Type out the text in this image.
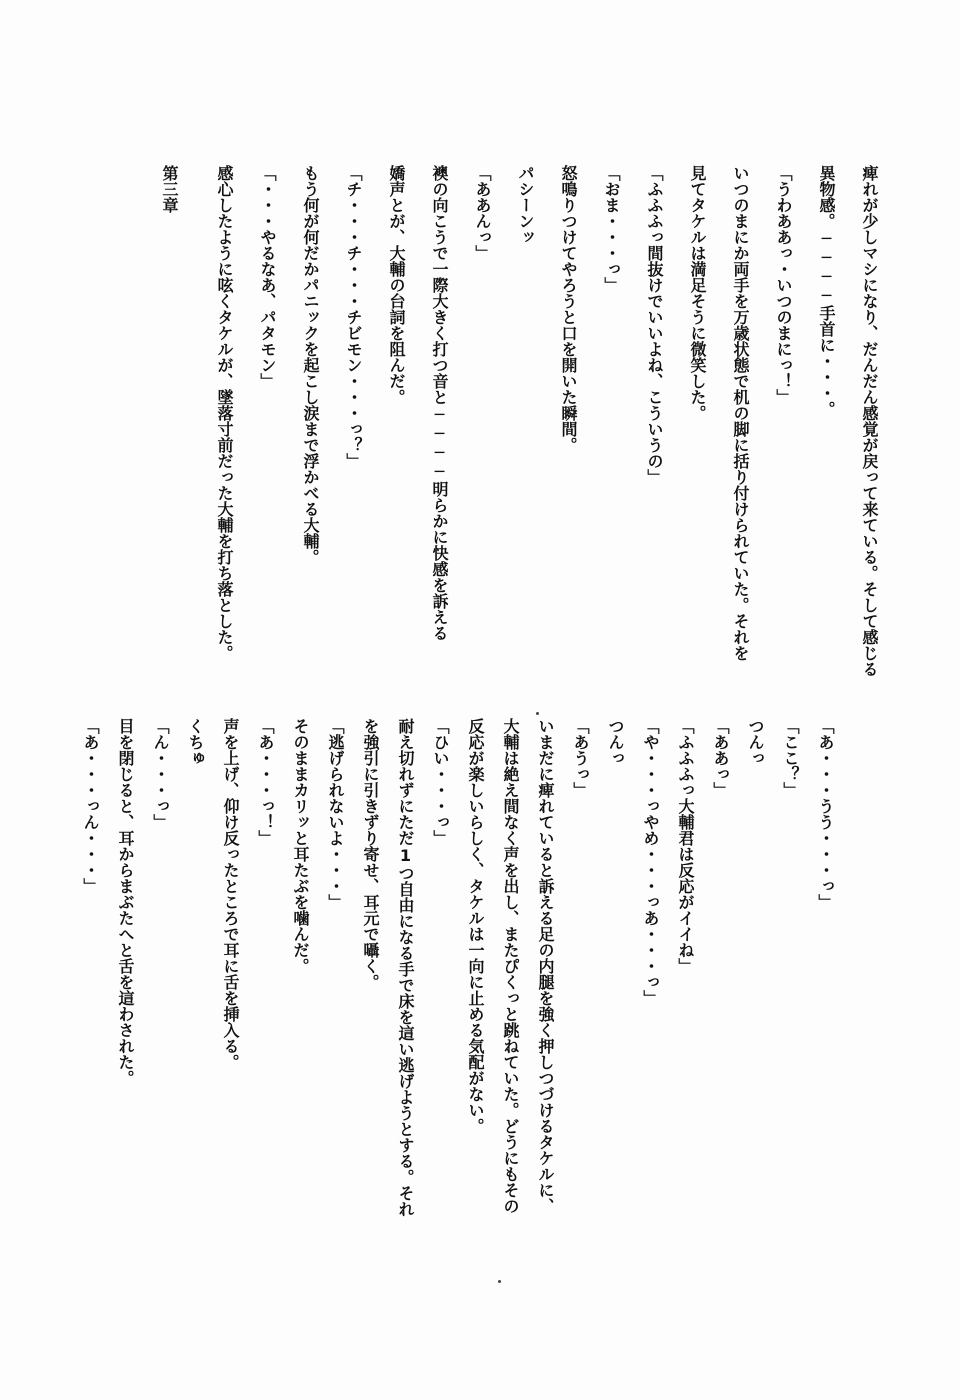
痺れが少しマシになり、だんだん感覚が戻って来ている。そして感じる
異物感。────手首に・・・。
「うわああっ・いつのまにっ！」
いつのまにか両手を万歳状態で机の脚に括り付けられていた。それを
見てタケルは満足そうに微笑した。
「ふふふっ間抜けでいいよね、こういうの」
「おま・・・っ」
怒鳴りつけてやろうと口を開いた瞬間。
パシーンッ
「ああんっ」
襖の向こうで一際大きく打つ音と────明らかに快感を訴える
嬌声とが、大輔の台詞を阻んだ。
「チ・・・チ・・・チビモン・・・っ？」
もう何が何だかパニックを起こし涙まで浮かべる大輔。
「・・・やるなあ、パタモン」
感心したように呟くタケルが、墜落寸前だった大輔を打ち落とした。
第三章
「あ・・・うう・・・っ」
「ここ？」
つんっ
「ああっ」
「ふふふっ大輔君は反応がイイね」
「や・・・っやめ・・・っあ・・・っ」
つんっ
「あうっ」
いまだに痺れていると訴える足の内腿を強く押しつづけるタケルに、
大輔は絶え間なく声を出し、またぴくっと跳ねていた。どうにもその
反応が楽しいらしく、タケルは一向に止める気配がない。
「ひい・・・っ」
耐え切れずにただ1つ自由になる手で床を這い逃げようとする。それ
を強引に引きずり寄せ、耳元で囁く。
「逃げられないよ・・・」
そのままカリッと耳たぶを噛んだ。
「あ・・・っ！」
声を上げ、仰け反ったところで耳に舌を挿入る。
くちゅ
「ん・・・っ」
目を閉じると、耳からまぶたへと舌を這わされた。
「あ・・・っん・・・」
